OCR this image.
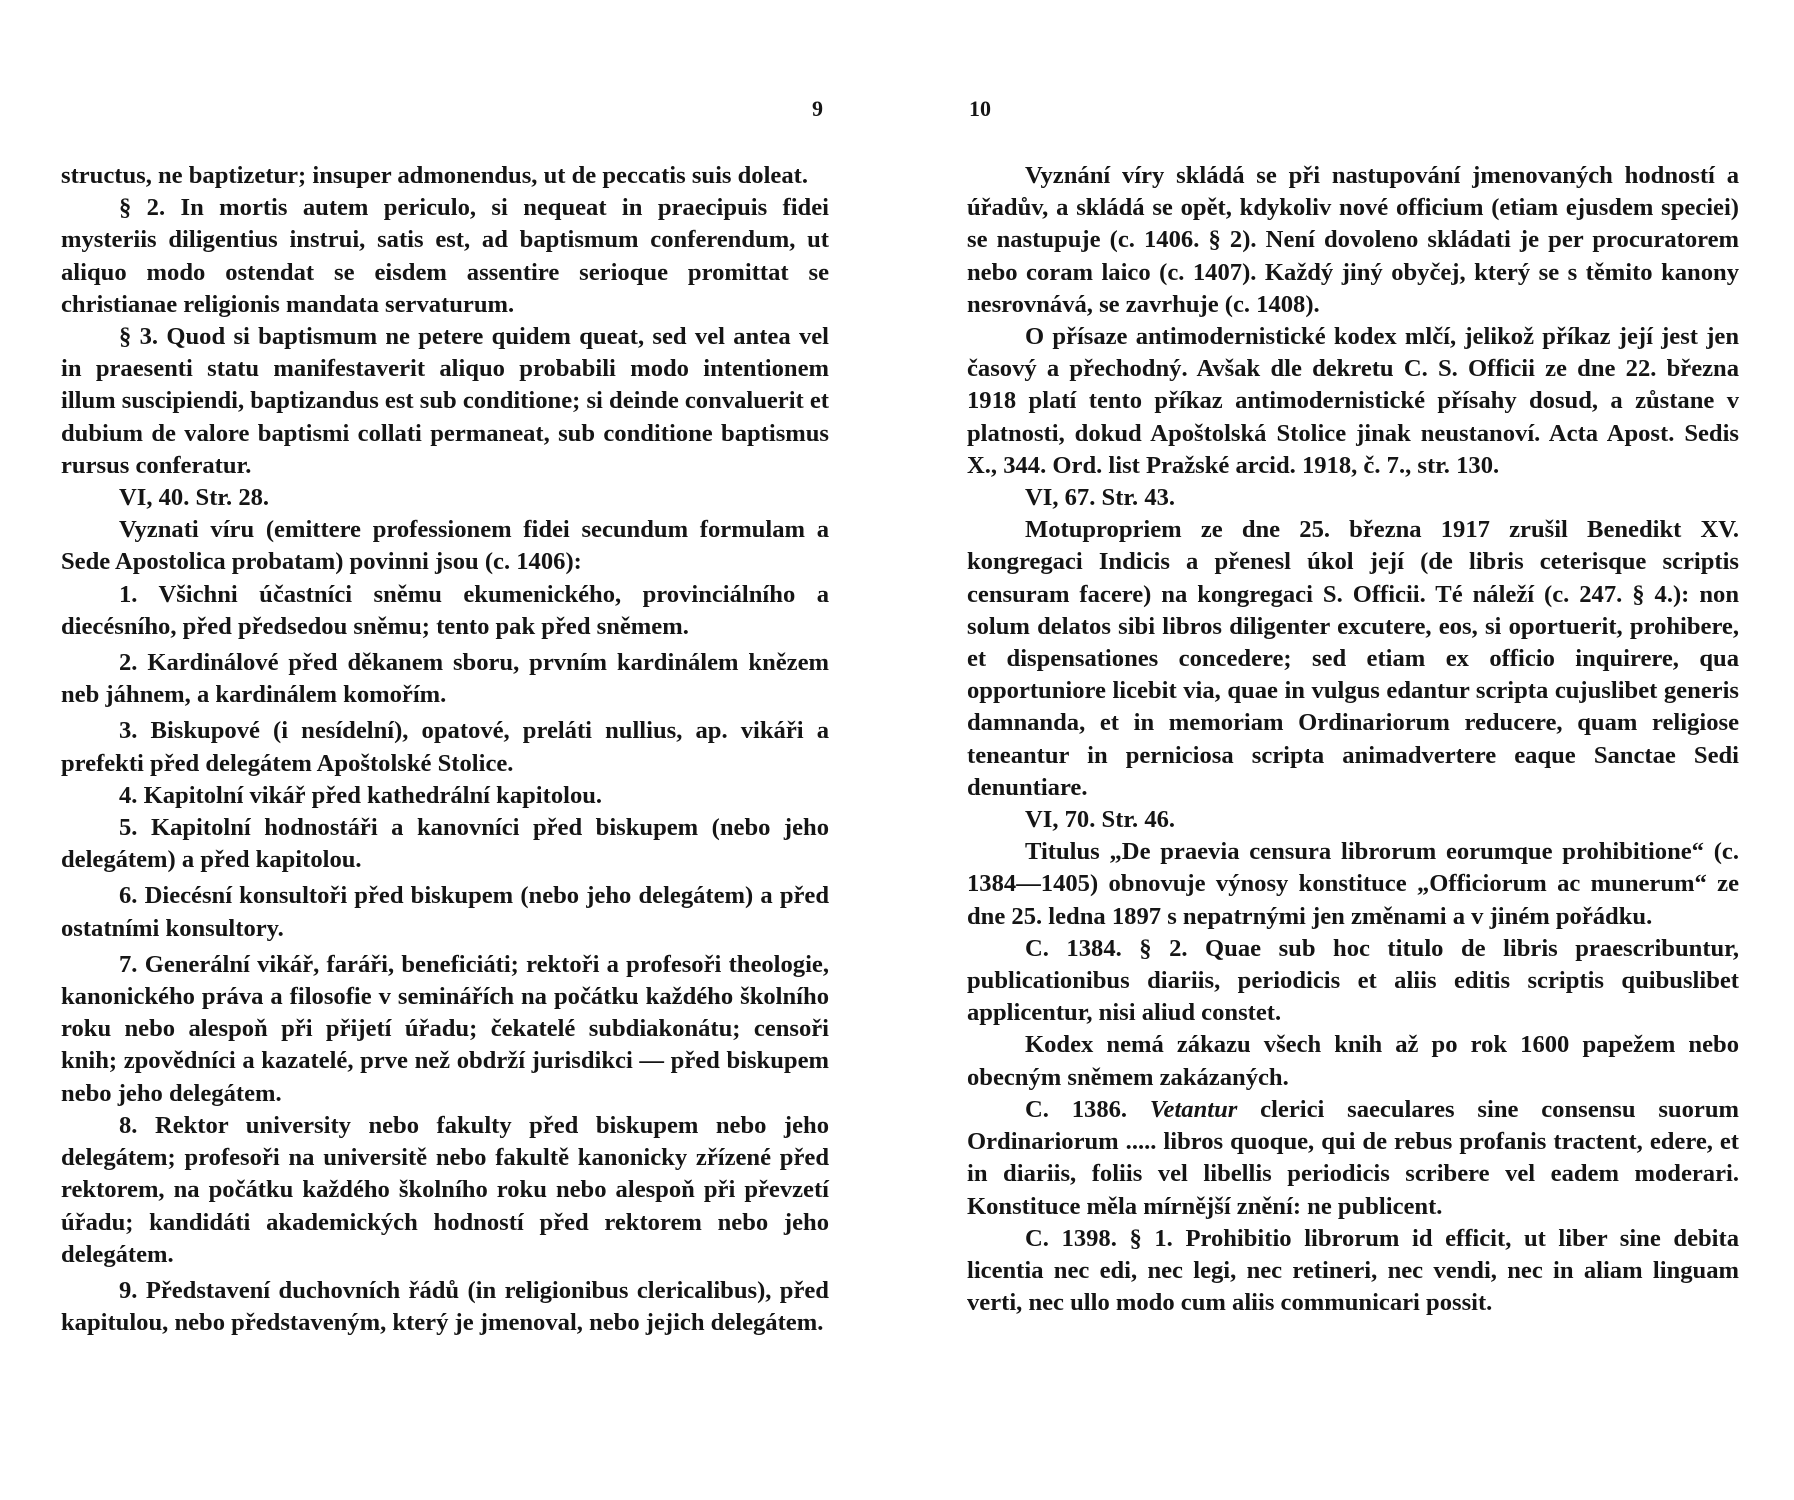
9

structus, ne baptizetur; insuper admonendus, ut de peccatis suis doleat.

§ 2. In mortis autem periculo, si nequeat in praecipuis fidei mysteriis diligentius instrui, satis est, ad baptismum conferendum, ut aliquo modo ostendat se eisdem assentire serioque promittat se christianae religionis mandata servaturum.

§ 3. Quod si baptismum ne petere quidem queat, sed vel antea vel in praesenti statu manifestaverit aliquo probabili modo intentionem illum suscipiendi, baptizandus est sub conditione; si deinde convaluerit et dubium de valore baptismi collati permaneat, sub conditione baptismus rursus conferatur.

VI, 40. Str. 28.

Vyznati víru (emittere professionem fidei secundum formulam a Sede Apostolica probatam) povinni jsou (c. 1406):

1. Všichni účastníci sněmu ekumenického, provinciálního a diecésního, před předsedou sněmu; tento pak před sněmem.

2. Kardinálové před děkanem sboru, prvním kardinálem knězem neb jáhnem, a kardinálem komořím.

3. Biskupové (i nesídelní), opatové, preláti nullius, ap. vikáři a prefekti před delegátem Apoštolské Stolice.

4. Kapitolní vikář před kathedrální kapitolou.

5. Kapitolní hodnostáři a kanovníci před biskupem (nebo jeho delegátem) a před kapitolou.

6. Diecésní konsultoři před biskupem (nebo jeho delegátem) a před ostatními konsultory.

7. Generální vikář, faráři, beneficiáti; rektoři a profesoři theologie, kanonického práva a filosofie v seminářích na počátku každého školního roku nebo alespoň při přijetí úřadu; čekatelé subdiakonátu; censoři knih; zpovědníci a kazatelé, prve než obdrží jurisdikci — před biskupem nebo jeho delegátem.

8. Rektor university nebo fakulty před biskupem nebo jeho delegátem; profesoři na universitě nebo fakultě kanonicky zřízené před rektorem, na počátku každého školního roku nebo alespoň při převzetí úřadu; kandidáti akademických hodností před rektorem nebo jeho delegátem.

9. Představení duchovních řádů (in religionibus clericalibus), před kapitulou, nebo představeným, který je jmenoval, nebo jejich delegátem.

10

Vyznání víry skládá se při nastupování jmenovaných hodností a úřadův, a skládá se opět, kdykoliv nové officium (etiam ejusdem speciei) se nastupuje (c. 1406. § 2). Není dovoleno skládati je per procuratorem nebo coram laico (c. 1407). Každý jiný obyčej, který se s těmito kanony nesrovnává, se zavrhuje (c. 1408).

O přísaze antimodernistické kodex mlčí, jelikož příkaz její jest jen časový a přechodný. Avšak dle dekretu C. S. Officii ze dne 22. března 1918 platí tento příkaz antimodernistické přísahy dosud, a zůstane v platnosti, dokud Apoštolská Stolice jinak neustanoví. Acta Apost. Sedis X., 344. Ord. list Pražské arcid. 1918, č. 7., str. 130.

VI, 67. Str. 43.

Motupropriem ze dne 25. března 1917 zrušil Benedikt XV. kongregaci Indicis a přenesl úkol její (de libris ceterisque scriptis censuram facere) na kongregaci S. Officii. Té náleží (c. 247. § 4.): non solum delatos sibi libros diligenter excutere, eos, si oportuerit, prohibere, et dispensationes concedere; sed etiam ex officio inquirere, qua opportuniore licebit via, quae in vulgus edantur scripta cujuslibet generis damnanda, et in memoriam Ordinariorum reducere, quam religiose teneantur in perniciosa scripta animadvertere eaque Sanctae Sedi denuntiare.

VI, 70. Str. 46.

Titulus „De praevia censura librorum eorumque prohibitione“ (c. 1384—1405) obnovuje výnosy konstituce „Officiorum ac munerum“ ze dne 25. ledna 1897 s nepatrnými jen změnami a v jiném pořádku.

C. 1384. § 2. Quae sub hoc titulo de libris praescribuntur, publicationibus diariis, periodicis et aliis editis scriptis quibuslibet applicentur, nisi aliud constet.

Kodex nemá zákazu všech knih až po rok 1600 papežem nebo obecným sněmem zakázaných.

C. 1386. Vetantur clerici saeculares sine consensu suorum Ordinariorum ..... libros quoque, qui de rebus profanis tractent, edere, et in diariis, foliis vel libellis periodicis scribere vel eadem moderari. Konstituce měla mírnější znění: ne publicent.

C. 1398. § 1. Prohibitio librorum id efficit, ut liber sine debita licentia nec edi, nec legi, nec retineri, nec vendi, nec in aliam linguam verti, nec ullo modo cum aliis communicari possit.
